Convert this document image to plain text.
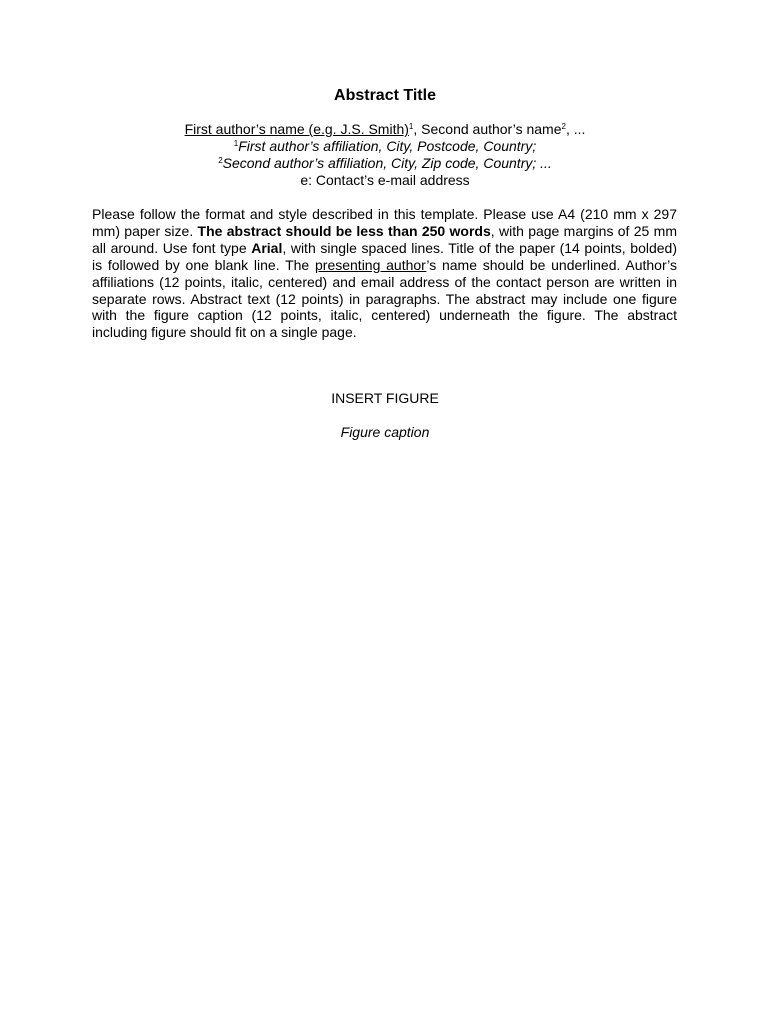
Abstract Title
First author’s name (e.g. J.S. Smith)$^1$, Second author’s name$^2$, ...
$^1$First author’s affiliation, City, Postcode, Country;
$^2$Second author’s affiliation, City, Zip code, Country; ...
e: Contact’s e-mail address
Please follow the format and style described in this template. Please use A4 (210 mm x 297 mm) paper size. The abstract should be less than 250 words, with page margins of 25 mm all around. Use font type Arial, with single spaced lines. Title of the paper (14 points, bolded) is followed by one blank line. The presenting author’s name should be underlined. Author’s affiliations (12 points, italic, centered) and email address of the contact person are written in separate rows. Abstract text (12 points) in paragraphs. The abstract may include one figure with the figure caption (12 points, italic, centered) underneath the figure. The abstract including figure should fit on a single page.
INSERT FIGURE
Figure caption
